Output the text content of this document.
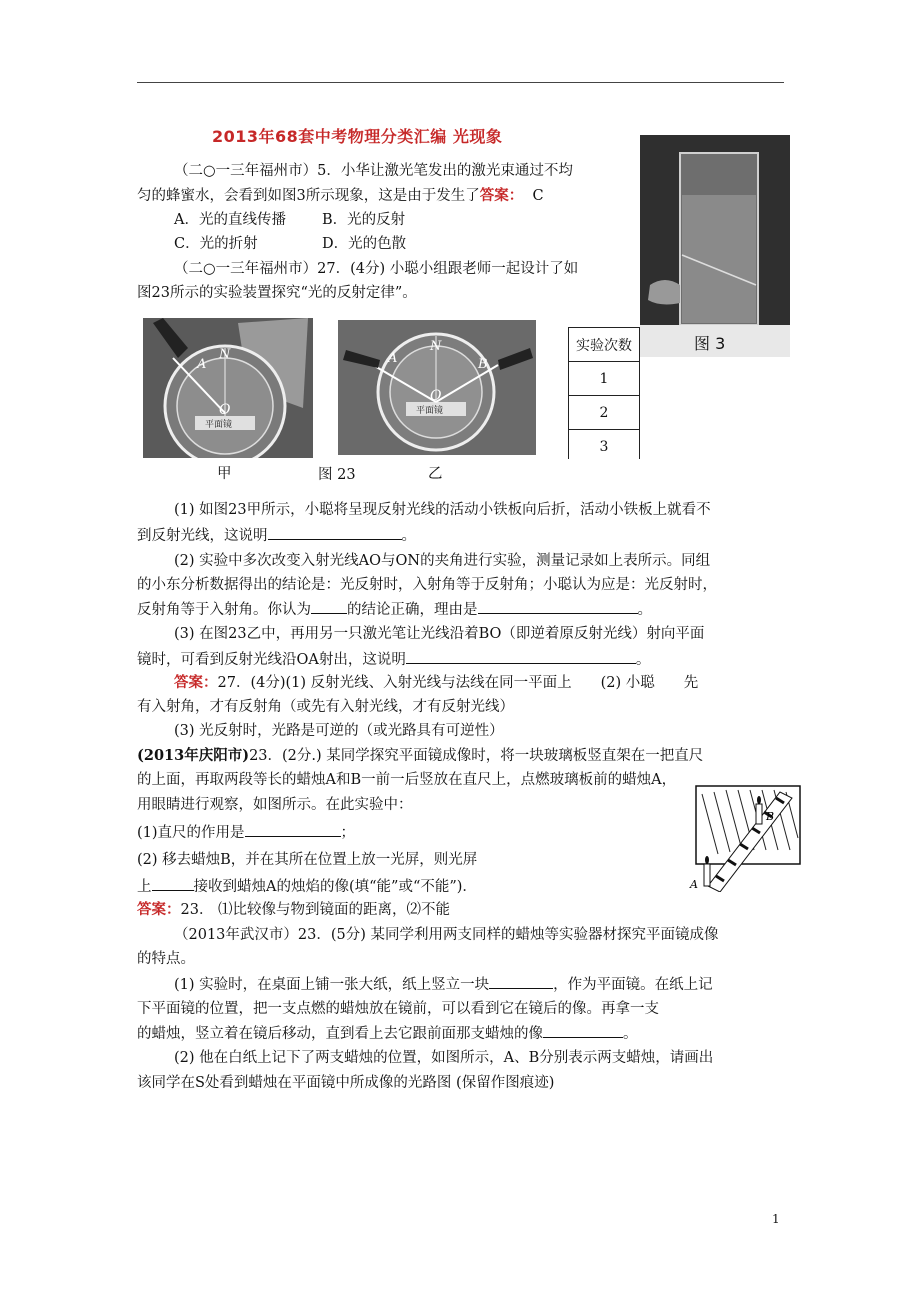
2013年68套中考物理分类汇编 光现象
图 3
（二○一三年福州市）5．小华让激光笔发出的激光束通过不均
匀的蜂蜜水，会看到如图3所示现象，这是由于发生了答案： C
A．光的直线传播 B．光的反射
C．光的折射	D．光的色散
（二○一三年福州市）27．(4分) 小聪小组跟老师一起设计了如
图23所示的实验装置探究“光的反射定律”。
A
N
O
平面镜
甲
A
N
B
O
平面镜
图 23	乙
实验次数
1
2
3
(1) 如图23甲所示，小聪将呈现反射光线的活动小铁板向后折，活动小铁板上就看不
到反射光线，这说明	。
(2) 实验中多次改变入射光线AO与ON的夹角进行实验，测量记录如上表所示。同组
的小东分析数据得出的结论是：光反射时，入射角等于反射角；小聪认为应是：光反射时，
反射角等于入射角。你认为 的结论正确，理由是	。
(3) 在图23乙中，再用另一只激光笔让光线沿着BO（即逆着原反射光线）射向平面
镜时，可看到反射光线沿OA射出，这说明	。
答案：27．(4分)(1) 反射光线、入射光线与法线在同一平面上　　(2) 小聪　　先
有入射角，才有反射角（或先有入射光线，才有反射光线）
(3) 光反射时，光路是可逆的（或光路具有可逆性）
(2013年庆阳市)23．(2分.) 某同学探究平面镜成像时，将一块玻璃板竖直架在一把直尺
的上面，再取两段等长的蜡烛A和B一前一后竖放在直尺上，点燃玻璃板前的蜡烛A，
用眼睛进行观察，如图所示。在此实验中：
(1)直尺的作用是	；
(2) 移去蜡烛B，并在其所在位置上放一光屏，则光屏
上	接收到蜡烛A的烛焰的像(填“能”或“不能”)．
答案：23． ⑴比较像与物到镜面的距离，⑵不能
A
B
（2013年武汉市）23．(5分) 某同学利用两支同样的蜡烛等实验器材探究平面镜成像
的特点。
(1) 实验时，在桌面上铺一张大纸，纸上竖立一块	，作为平面镜。在纸上记
下平面镜的位置，把一支点燃的蜡烛放在镜前，可以看到它在镜后的像。再拿一支
的蜡烛，竖立着在镜后移动，直到看上去它跟前面那支蜡烛的像	。
(2) 他在白纸上记下了两支蜡烛的位置，如图所示，A、B分别表示两支蜡烛，请画出
该同学在S处看到蜡烛在平面镜中所成像的光路图 (保留作图痕迹)
1
